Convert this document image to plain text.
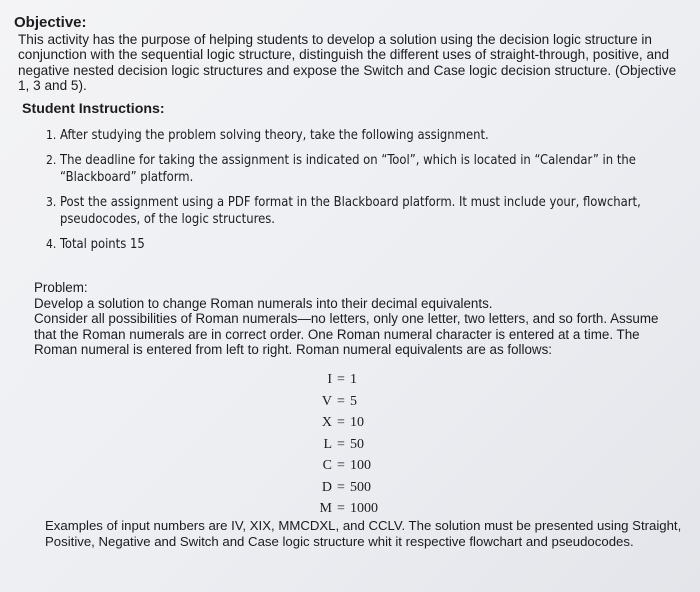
Objective:
This activity has the purpose of helping students to develop a solution using the decision logic structure in conjunction with the sequential logic structure, distinguish the different uses of straight-through, positive, and negative nested decision logic structures and expose the Switch and Case logic decision structure. (Objective 1, 3 and 5).
Student Instructions:
1. After studying the problem solving theory, take the following assignment.
2. The deadline for taking the assignment is indicated on “Tool”, which is located in “Calendar” in the “Blackboard” platform.
3. Post the assignment using a PDF format in the Blackboard platform. It must include your, flowchart, pseudocodes, of the logic structures.
4. Total points 15

Problem:

Develop a solution to change Roman numerals into their decimal equivalents.

Consider all possibilities of Roman numerals—no letters, only one letter, two letters, and so forth. Assume that the Roman numerals are in correct order. One Roman numeral character is entered at a time. The Roman numeral is entered from left to right. Roman numeral equivalents are as follows:

I = 1
V = 5
X = 10
L = 50
C = 100
D = 500
M = 1000
Examples of input numbers are IV, XIX, MMCDXL, and CCLV. The solution must be presented using Straight, Positive, Negative and Switch and Case logic structure whit it respective flowchart and pseudocodes.
